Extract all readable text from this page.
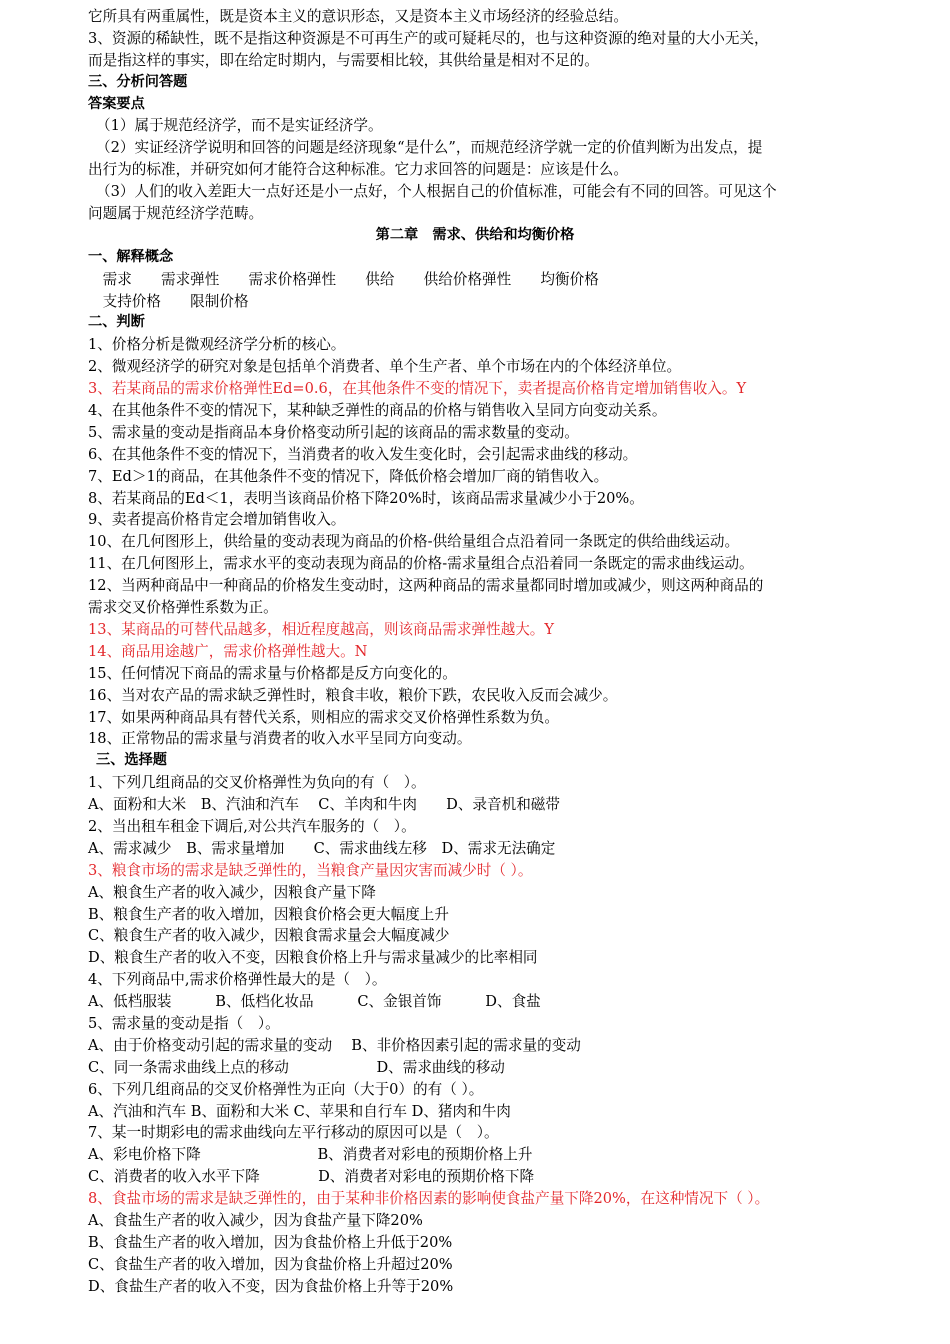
它所具有两重属性，既是资本主义的意识形态，又是资本主义市场经济的经验总结。
3、资源的稀缺性，既不是指这种资源是不可再生产的或可疑耗尽的，也与这种资源的绝对量的大小无关，
而是指这样的事实，即在给定时期内，与需要相比较，其供给量是相对不足的。
三、分析问答题
答案要点
（1）属于规范经济学，而不是实证经济学。
（2）实证经济学说明和回答的问题是经济现象“是什么”，而规范经济学就一定的价值判断为出发点，提
出行为的标准，并研究如何才能符合这种标准。它力求回答的问题是：应该是什么。
（3）人们的收入差距大一点好还是小一点好，个人根据自己的价值标准，可能会有不同的回答。可见这个
问题属于规范经济学范畴。
第二章　需求、供给和均衡价格
一、解释概念
　需求　　需求弹性　　需求价格弹性　　供给　　供给价格弹性　　均衡价格
　支持价格　　限制价格
二、判断
1、价格分析是微观经济学分析的核心。
2、微观经济学的研究对象是包括单个消费者、单个生产者、单个市场在内的个体经济单位。
3、若某商品的需求价格弹性Ed=0.6，在其他条件不变的情况下，卖者提高价格肯定增加销售收入。Y
4、在其他条件不变的情况下，某种缺乏弹性的商品的价格与销售收入呈同方向变动关系。
5、需求量的变动是指商品本身价格变动所引起的该商品的需求数量的变动。
6、在其他条件不变的情况下，当消费者的收入发生变化时，会引起需求曲线的移动。
7、Ed＞1的商品，在其他条件不变的情况下，降低价格会增加厂商的销售收入。
8、若某商品的Ed＜1，表明当该商品价格下降20%时，该商品需求量减少小于20%。
9、卖者提高价格肯定会增加销售收入。
10、在几何图形上，供给量的变动表现为商品的价格-供给量组合点沿着同一条既定的供给曲线运动。
11、在几何图形上，需求水平的变动表现为商品的价格-需求量组合点沿着同一条既定的需求曲线运动。
12、当两种商品中一种商品的价格发生变动时，这两种商品的需求量都同时增加或减少，则这两种商品的
需求交叉价格弹性系数为正。
13、某商品的可替代品越多，相近程度越高，则该商品需求弹性越大。Y
14、商品用途越广，需求价格弹性越大。N
15、任何情况下商品的需求量与价格都是反方向变化的。
16、当对农产品的需求缺乏弹性时，粮食丰收，粮价下跌，农民收入反而会减少。
17、如果两种商品具有替代关系，则相应的需求交叉价格弹性系数为负。
18、正常物品的需求量与消费者的收入水平呈同方向变动。
三、选择题
1、下列几组商品的交叉价格弹性为负向的有（　）。
A、面粉和大米　B、汽油和汽车　 C、羊肉和牛肉　　D、录音机和磁带
2、当出租车租金下调后,对公共汽车服务的（　）。
A、需求减少　B、需求量增加　　C、需求曲线左移　D、需求无法确定
3、粮食市场的需求是缺乏弹性的，当粮食产量因灾害而减少时（ ）。
A、粮食生产者的收入减少，因粮食产量下降
B、粮食生产者的收入增加，因粮食价格会更大幅度上升
C、粮食生产者的收入减少，因粮食需求量会大幅度减少
D、粮食生产者的收入不变，因粮食价格上升与需求量减少的比率相同
4、下列商品中,需求价格弹性最大的是（　）。
A、低档服装　　　B、低档化妆品　　　C、金银首饰　　　D、食盐
5、需求量的变动是指（　）。
A、由于价格变动引起的需求量的变动　 B、非价格因素引起的需求量的变动
C、同一条需求曲线上点的移动　　　　　　D、需求曲线的移动
6、下列几组商品的交叉价格弹性为正向（大于0）的有（ ）。
A、汽油和汽车 B、面粉和大米 C、苹果和自行车 D、猪肉和牛肉
7、某一时期彩电的需求曲线向左平行移动的原因可以是（　）。
A、彩电价格下降　　　　　　　　B、消费者对彩电的预期价格上升
C、消费者的收入水平下降　　　　D、消费者对彩电的预期价格下降
8、食盐市场的需求是缺乏弹性的，由于某种非价格因素的影响使食盐产量下降20%，在这种情况下（ ）。
A、食盐生产者的收入减少，因为食盐产量下降20%
B、食盐生产者的收入增加，因为食盐价格上升低于20%
C、食盐生产者的收入增加，因为食盐价格上升超过20%
D、食盐生产者的收入不变，因为食盐价格上升等于20%
